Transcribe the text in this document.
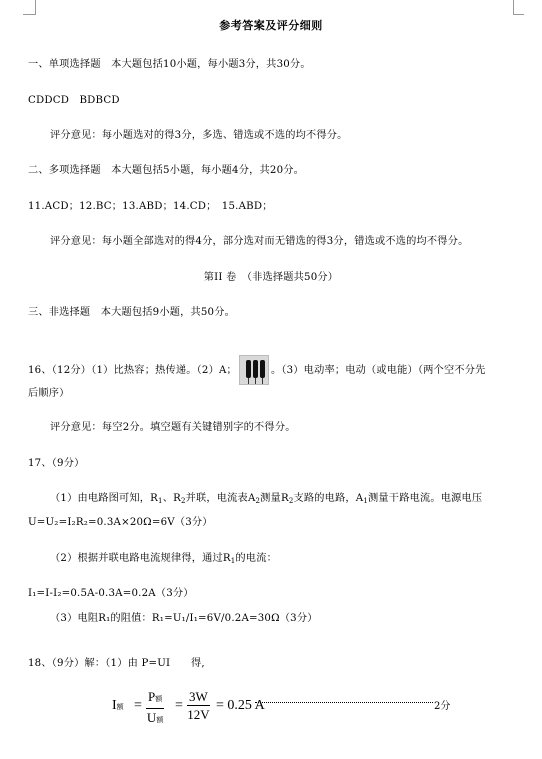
参考答案及评分细则
一、单项选择题　本大题包括10小题，每小题3分，共30分。
CDDCD　BDBCD
评分意见：每小题选对的得3分，多选、错选或不选的均不得分。
二、多项选择题　本大题包括5小题，每小题4分，共20分。
11.ACD；12.BC；13.ABD；14.CD；　15.ABD；
评分意见：每小题全部选对的得4分，部分选对而无错选的得3分，错选或不选的均不得分。
第II 卷　（非选择题共50分）
三、非选择题　本大题包括9小题，共50分。
16、（12分）（1）比热容；热传递。（2）A；	。（3）电动率；电动（或电能）（两个空不分先
后顺序）
评分意见：每空2分。填空题有关键错别字的不得分。
17、（9分）
（1）由电路图可知，$R_1$、$R_2$并联，电流表$A_2$测量$R_2$支路的电路，$A_1$测量干路电流。电源电压
U=U₂=I₂R₂=0.3A×20Ω=6V（3分）
（2）根据并联电路电流规律得，通过$R_1$的电流：
I₁=I-I₂=0.5A-0.3A=0.2A（3分）
（3）电阻R₁的阻值：R₁=U₁/I₁=6V/0.2A=30Ω（3分）
18、（9分）解：（1）由 P=UI　　得,
I额 =
P额
U额
= $\frac{3W}{12V} = 0.25$ A	2分
